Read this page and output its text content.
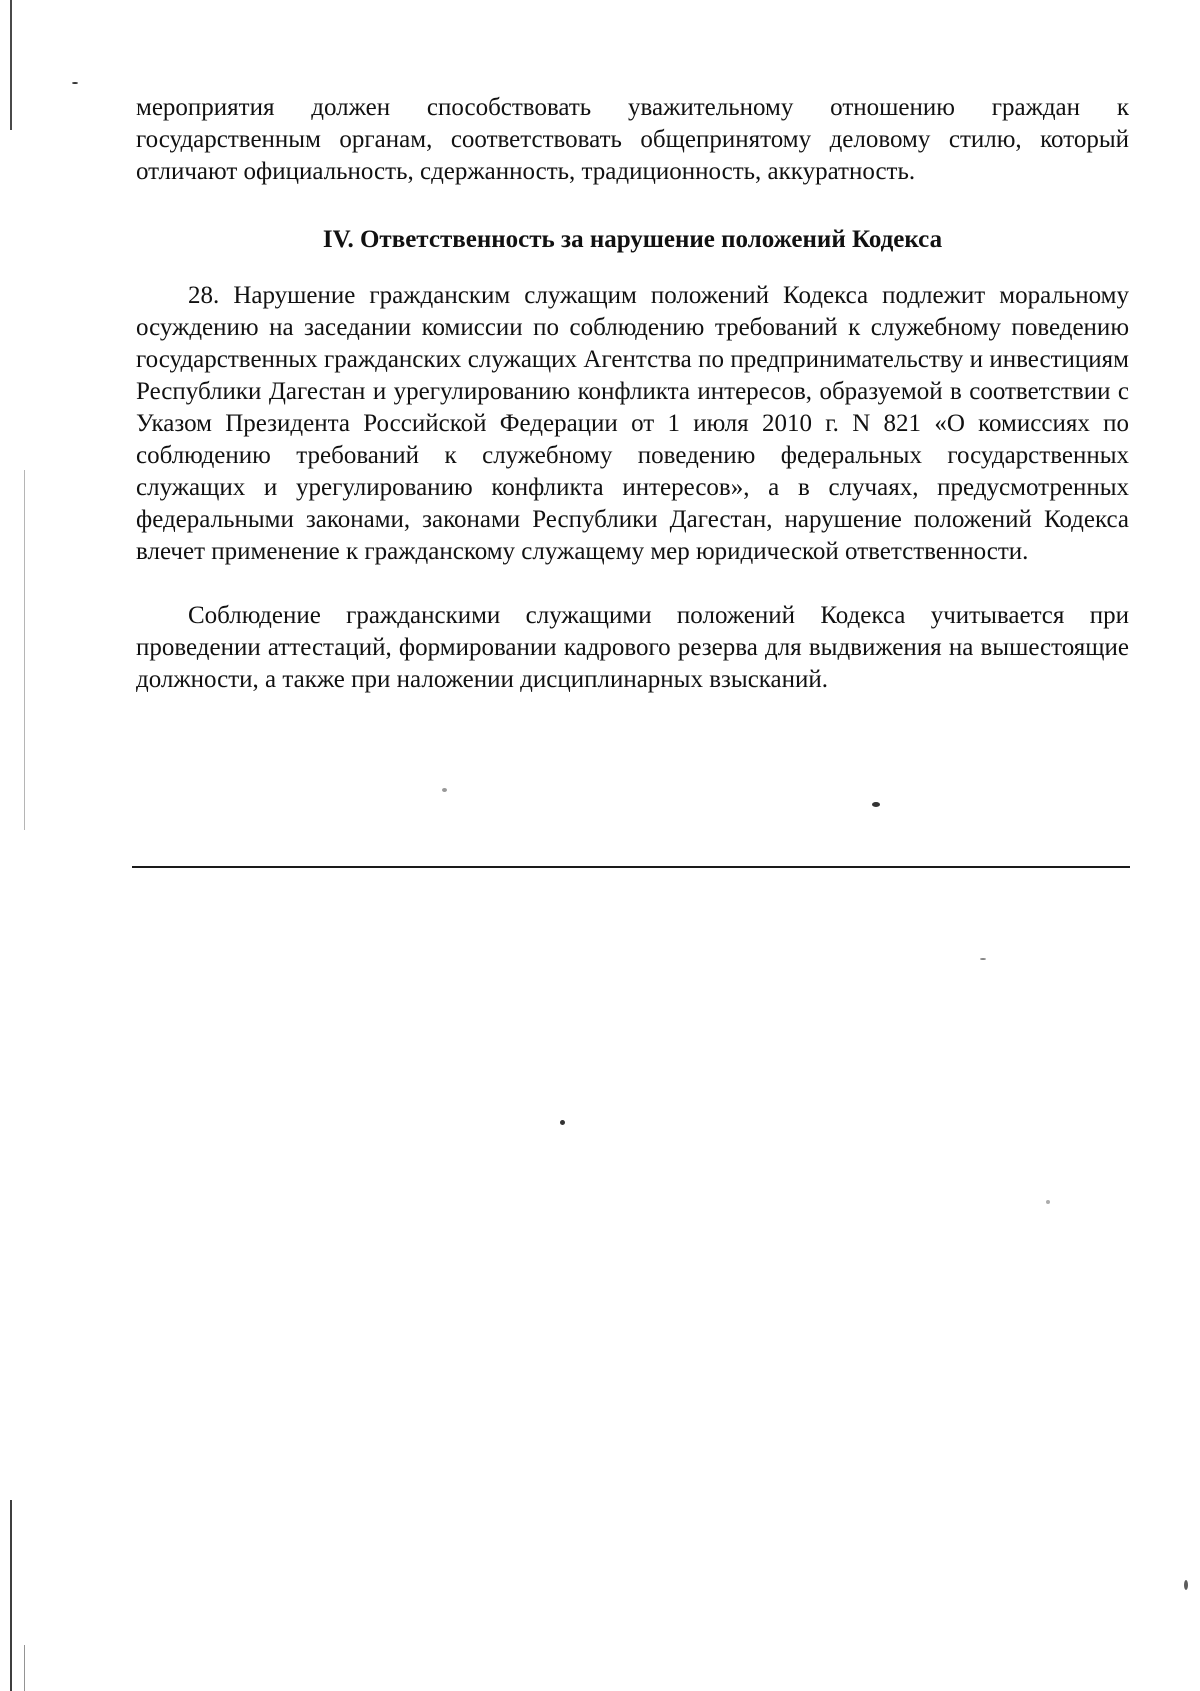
мероприятия должен способствовать уважительному отношению граждан к государственным органам, соответствовать общепринятому деловому стилю, который отличают официальность, сдержанность, традиционность, аккуратность.

IV. Ответственность за нарушение положений Кодекса

28. Нарушение гражданским служащим положений Кодекса подлежит моральному осуждению на заседании комиссии по соблюдению требований к служебному поведению государственных гражданских служащих Агентства по предпринимательству и инвестициям Республики Дагестан и урегулированию конфликта интересов, образуемой в соответствии с Указом Президента Российской Федерации от 1 июля 2010 г. N 821 «О комиссиях по соблюдению требований к служебному поведению федеральных государственных служащих и урегулированию конфликта интересов», а в случаях, предусмотренных федеральными законами, законами Республики Дагестан, нарушение положений Кодекса влечет применение к гражданскому служащему мер юридической ответственности.

Соблюдение гражданскими служащими положений Кодекса учитывается при проведении аттестаций, формировании кадрового резерва для выдвижения на вышестоящие должности, а также при наложении дисциплинарных взысканий.
